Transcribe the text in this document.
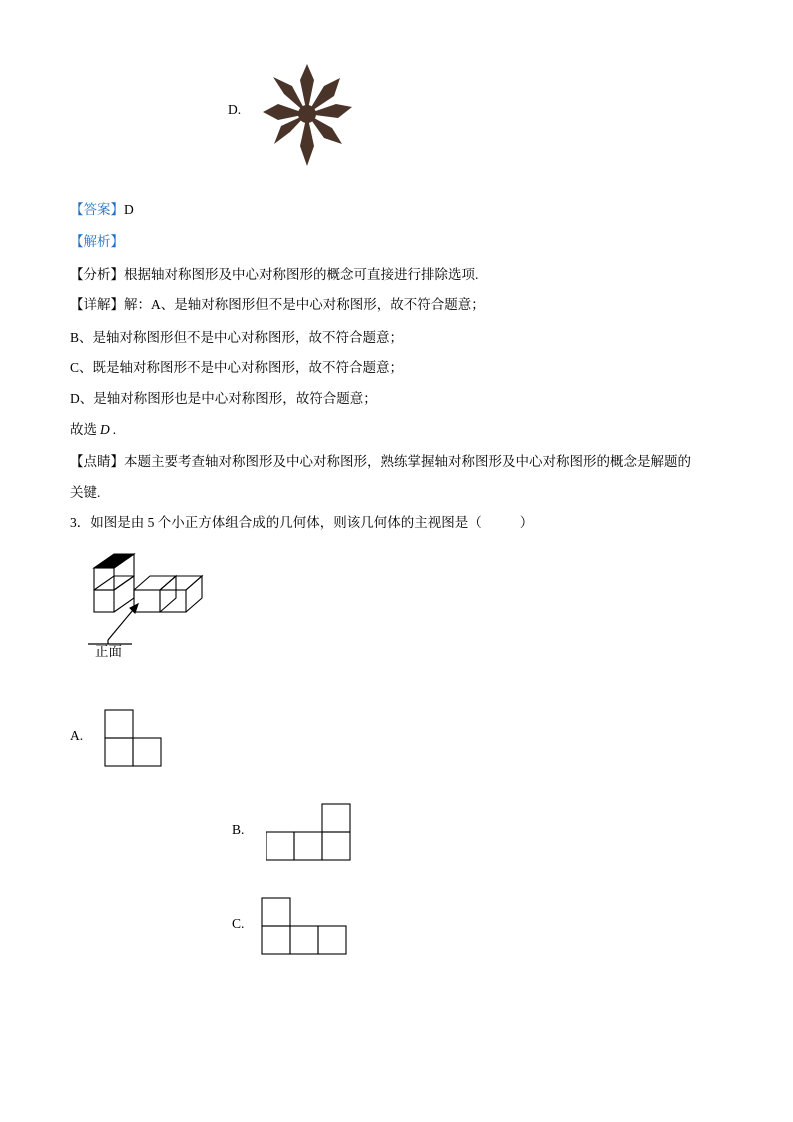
D.
【答案】D
【解析】
【分析】根据轴对称图形及中心对称图形的概念可直接进行排除选项.
【详解】解：A、是轴对称图形但不是中心对称图形，故不符合题意；
B、是轴对称图形但不是中心对称图形，故不符合题意；
C、既是轴对称图形不是中心对称图形，故不符合题意；
D、是轴对称图形也是中心对称图形，故符合题意；
故选 D .
【点睛】本题主要考查轴对称图形及中心对称图形，熟练掌握轴对称图形及中心对称图形的概念是解题的
关键.
3．如图是由 5 个小正方体组合成的几何体，则该几何体的主视图是（	）
正面
A.
B.
C.
